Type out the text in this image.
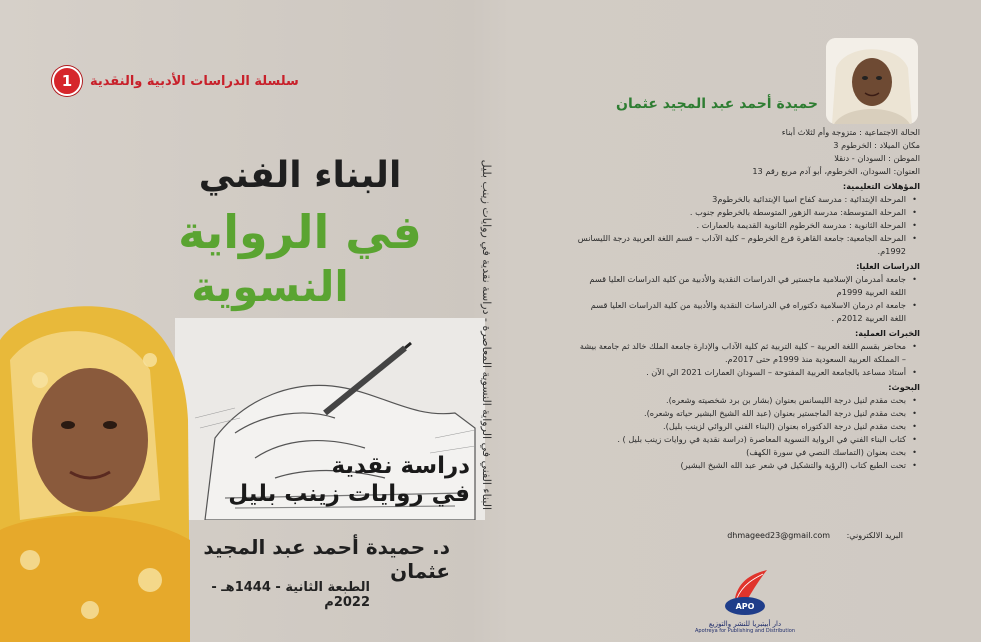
1	سلسلة الدراسات الأدبية والنقدية
البناء الفني
في الرواية
النسوية
دراسة نقدية
في روايات زينب بليل البناء الفني في الرواية النسوية المعاصرة - دراسة نقدية في روايات زينب بليل
د. حميدة أحمد عبد المجيد عثمان
الطبعة الثانية - 1444هـ - 2022م
حميدة أحمد عبد المجيد عثمان
الحالة الاجتماعية : متزوجة وأم لثلاث أبناء
مكان الميلاد : الخرطوم 3
الموطن : السودان - دنقلا
العنوان: السودان، الخرطوم، أبو آدم مربع رقم 13
المؤهلات التعليمية:
• المرحلة الإبتدائية : مدرسة كفاح اسيا الإبتدائية بالخرطوم3
• المرحلة المتوسطة: مدرسة الزهور المتوسطة بالخرطوم جنوب .
• المرحلة الثانوية : مدرسة الخرطوم الثانوية القديمة بالعمارات .
• المرحلة الجامعية: جامعة القاهرة فرع الخرطوم – كلية الآداب – قسم اللغة العربية درجة الليسانس 1992م.
الدراسات العليا:
• جامعة أمدرمان الإسلامية ماجستير في الدراسات النقدية والأدبية من كلية الدراسات العليا قسم اللغة العربية 1999م
• جامعة ام درمان الاسلامية دكتوراه في الدراسات النقدية والأدبية من كلية الدراسات العليا قسم اللغة العربية 2012م .
الخبرات العملية:
• محاضر بقسم اللغة العربية – كلية التربية ثم كلية الآداب والإدارة جامعة الملك خالد ثم جامعة بيشة – المملكة العربية السعودية منذ 1999م حتى 2017م.
• أستاذ مساعد بالجامعة العربية المفتوحة – السودان العمارات 2021 الي الآن .
البحوث:
• بحث مقدم لنيل درجة الليسانس بعنوان (بشار بن برد شخصيته وشعره).
• بحث مقدم لنيل درجة الماجستير بعنوان (عبد الله الشيخ البشير حياته وشعره).
• بحث مقدم لنيل درجة الدكتوراه بعنوان (البناء الفني الروائي لزينب بليل).
• كتاب البناء الفني في الرواية النسوية المعاصرة (دراسة نقدية في روايات زينب بليل ) .
• بحث بعنوان (التماسك النصي في سورة الكهف)
• تحت الطبع كتاب (الرؤية والتشكيل في شعر عبد الله الشيخ البشير)
البريد الالكتروني: dhmageed23@gmail.com
APO
دار أبيتبريا للنشر والتوزيع
Apotreya for Publishing and Distribution
